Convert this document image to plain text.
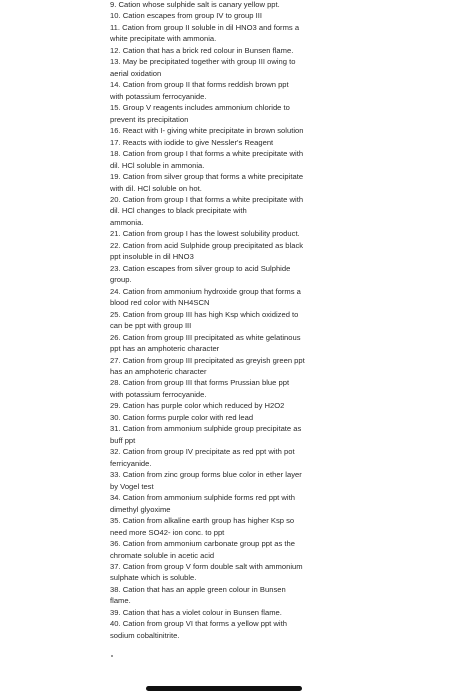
9. Cation whose sulphide salt is canary yellow ppt.
10. Cation escapes from group IV to group III
11. Cation from group II soluble in dil HNO3 and forms a
white precipitate with ammonia.
12. Cation that has a brick red colour in Bunsen flame.
13. May be precipitated together with group III owing to
aerial oxidation
14. Cation from group II that forms reddish brown ppt
with potassium ferrocyanide.
15. Group V reagents includes ammonium chloride to
prevent its precipitation
16. React with I- giving white precipitate in brown solution
17. Reacts with iodide to give Nessler's Reagent
18. Cation from group I that forms a white precipitate with
dil. HCl soluble in ammonia.
19. Cation from silver group that forms a white precipitate
with dil. HCl soluble on hot.
20. Cation from group I that forms a white precipitate with
dil. HCl changes to black precipitate with
ammonia.
21. Cation from group I has the lowest solubility product.
22. Cation from acid Sulphide group precipitated as black
ppt insoluble in dil HNO3
23. Cation escapes from silver group to acid Sulphide
group.
24. Cation from ammonium hydroxide group that forms a
blood red color with NH4SCN
25. Cation from group III has high Ksp which oxidized to
can be ppt with group III
26. Cation from group III precipitated as white gelatinous
ppt has an amphoteric character
27. Cation from group III precipitated as greyish green ppt
has an amphoteric character
28. Cation from group III that forms Prussian blue ppt
with potassium ferrocyanide.
29. Cation has purple color which reduced by H2O2
30. Cation forms purple color with red lead
31. Cation from ammonium sulphide group precipitate as
buff ppt
32. Cation from group IV precipitate as red ppt with pot
ferricyanide.
33. Cation from zinc group forms blue color in ether layer
by Vogel test
34. Cation from ammonium sulphide forms red ppt with
dimethyl glyoxime
35. Cation from alkaline earth group has higher Ksp so
need more SO42- ion conc. to ppt
36. Cation from ammonium carbonate group ppt as the
chromate soluble in acetic acid
37. Cation from group V form double salt with ammonium
sulphate which is soluble.
38. Cation that has an apple green colour in Bunsen
flame.
39. Cation that has a violet colour in Bunsen flame.
40. Cation from group VI that forms a yellow ppt with
sodium cobaltinitrite.
